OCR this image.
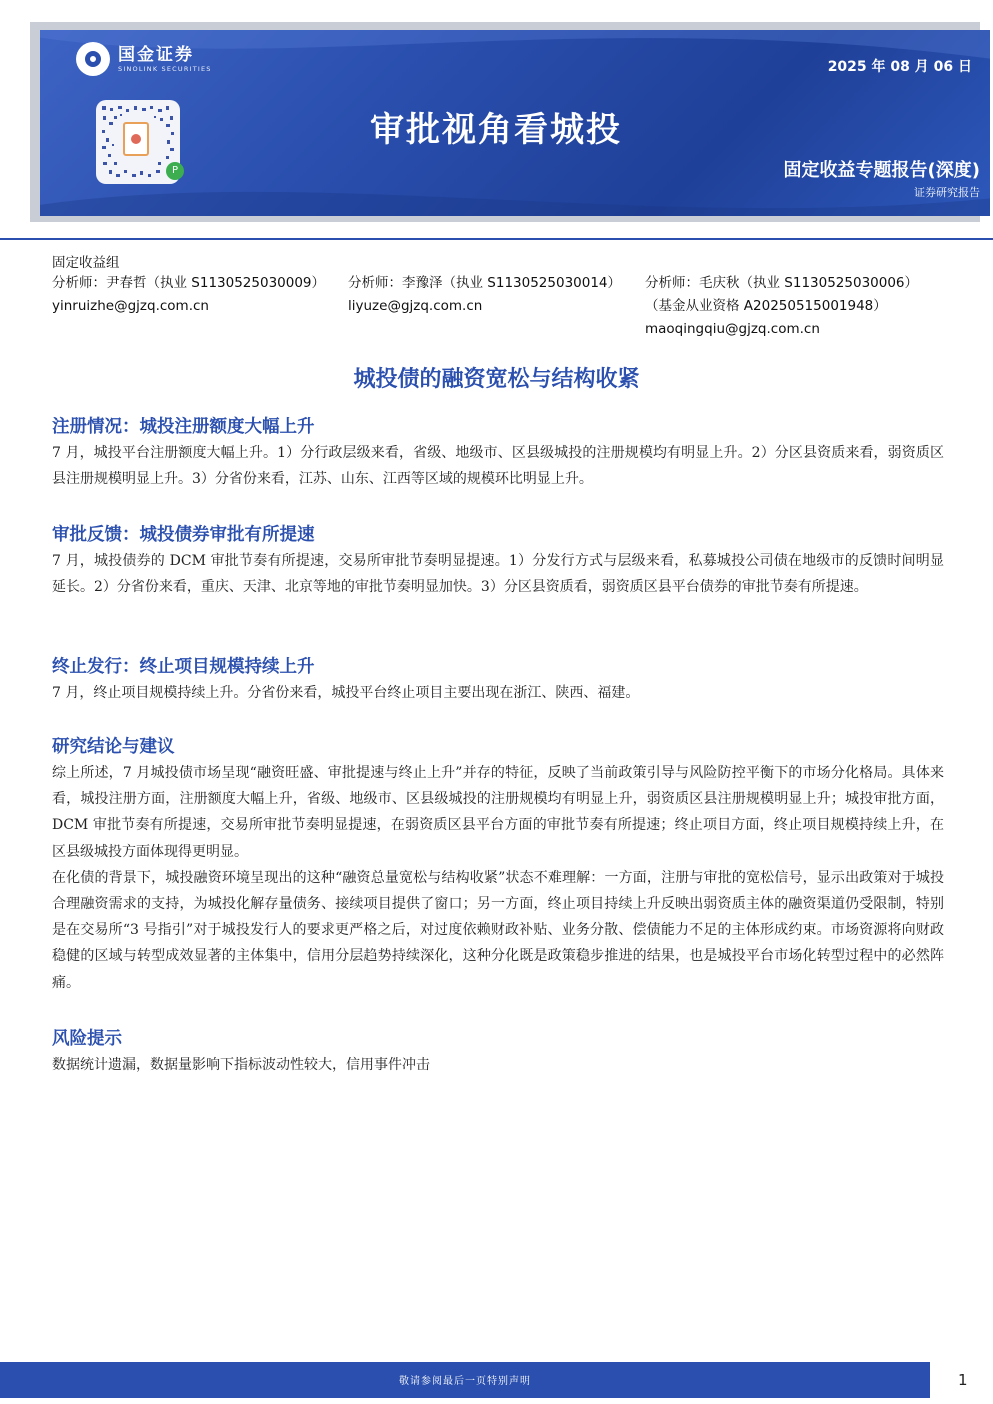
国金证券
SINOLINK SECURITIES
P
审批视角看城投
2025 年 08 月 06 日
固定收益专题报告(深度)
证券研究报告
固定收益组
分析师：尹春哲（执业 S1130525030009）
yinruizhe@gjzq.com.cn
分析师：李豫泽（执业 S1130525030014）
liyuze@gjzq.com.cn
分析师：毛庆秋（执业 S1130525030006）
（基金从业资格 A20250515001948）
maoqingqiu@gjzq.com.cn
城投债的融资宽松与结构收紧
注册情况：城投注册额度大幅上升

7 月，城投平台注册额度大幅上升。1）分行政层级来看，省级、地级市、区县级城投的注册规模均有明显上升。2）分区县资质来看，弱资质区县注册规模明显上升。3）分省份来看，江苏、山东、江西等区域的规模环比明显上升。

审批反馈：城投债券审批有所提速

7 月，城投债券的 DCM 审批节奏有所提速，交易所审批节奏明显提速。1）分发行方式与层级来看，私募城投公司债在地级市的反馈时间明显延长。2）分省份来看，重庆、天津、北京等地的审批节奏明显加快。3）分区县资质看，弱资质区县平台债券的审批节奏有所提速。

终止发行：终止项目规模持续上升

7 月，终止项目规模持续上升。分省份来看，城投平台终止项目主要出现在浙江、陕西、福建。

研究结论与建议

综上所述，7 月城投债市场呈现“融资旺盛、审批提速与终止上升”并存的特征，反映了当前政策引导与风险防控平衡下的市场分化格局。具体来看，城投注册方面，注册额度大幅上升，省级、地级市、区县级城投的注册规模均有明显上升，弱资质区县注册规模明显上升；城投审批方面，DCM 审批节奏有所提速，交易所审批节奏明显提速，在弱资质区县平台方面的审批节奏有所提速；终止项目方面，终止项目规模持续上升，在区县级城投方面体现得更明显。

在化债的背景下，城投融资环境呈现出的这种“融资总量宽松与结构收紧”状态不难理解：一方面，注册与审批的宽松信号，显示出政策对于城投合理融资需求的支持，为城投化解存量债务、接续项目提供了窗口；另一方面，终止项目持续上升反映出弱资质主体的融资渠道仍受限制，特别是在交易所“3 号指引”对于城投发行人的要求更严格之后，对过度依赖财政补贴、业务分散、偿债能力不足的主体形成约束。市场资源将向财政稳健的区域与转型成效显著的主体集中，信用分层趋势持续深化，这种分化既是政策稳步推进的结果，也是城投平台市场化转型过程中的必然阵痛。

风险提示

数据统计遗漏，数据量影响下指标波动性较大，信用事件冲击

敬请参阅最后一页特别声明	1
